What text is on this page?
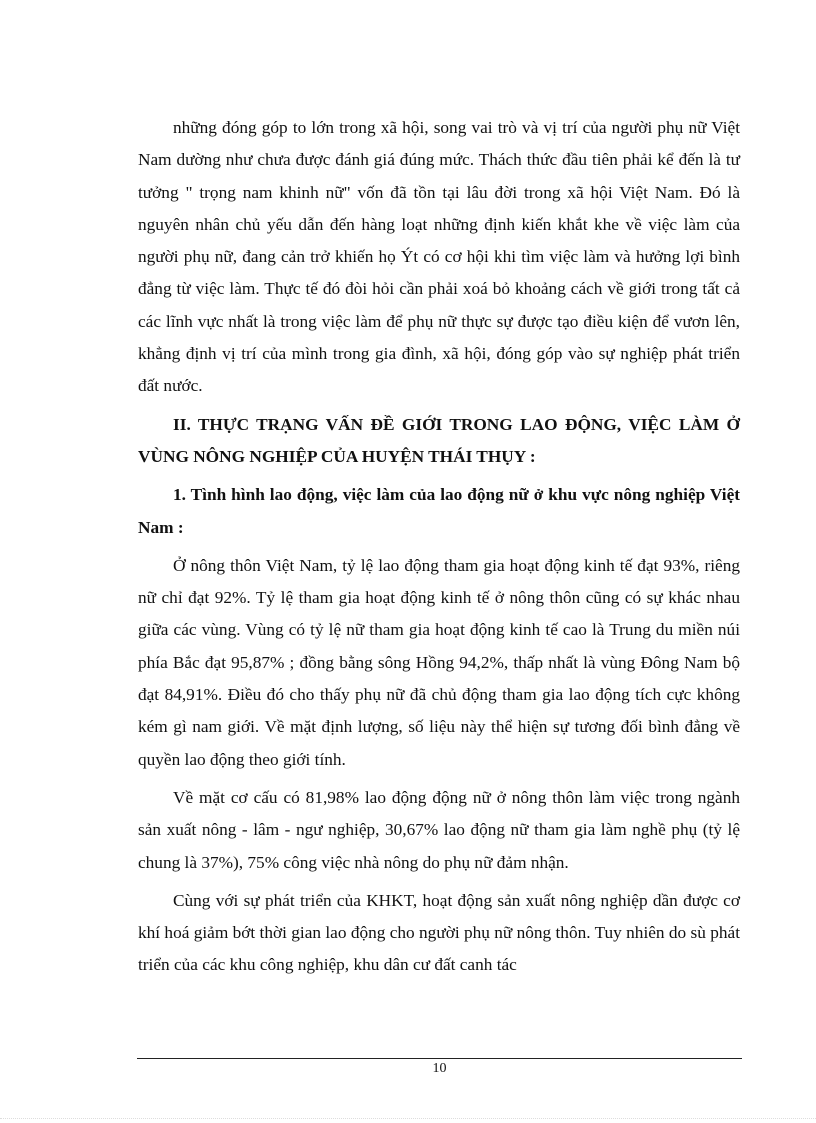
những đóng góp to lớn trong xã hội, song vai trò và vị trí của người phụ nữ Việt Nam dường như chưa được đánh giá đúng mức. Thách thức đầu tiên phải kể đến là tư tưởng " trọng nam khinh nữ" vốn đã tồn tại lâu đời trong xã hội Việt Nam. Đó là nguyên nhân chủ yếu dẫn đến hàng loạt những định kiến khắt khe về việc làm của người phụ nữ, đang cản trở khiến họ Ýt có cơ hội khi tìm việc làm và hưởng lợi bình đẳng từ việc làm. Thực tế đó đòi hỏi cần phải xoá bỏ khoảng cách về giới trong tất cả các lĩnh vực nhất là trong việc làm để phụ nữ thực sự được tạo điều kiện để vươn lên, khẳng định vị trí của mình trong gia đình, xã hội, đóng góp vào sự nghiệp phát triển đất nước.

II. THỰC TRẠNG VẤN ĐỀ GIỚI TRONG LAO ĐỘNG, VIỆC LÀM Ở VÙNG NÔNG NGHIỆP CỦA HUYỆN THÁI THỤY :

1. Tình hình lao động, việc làm của lao động nữ ở khu vực nông nghiệp Việt Nam :

Ở nông thôn Việt Nam, tỷ lệ lao động tham gia hoạt động kinh tế đạt 93%, riêng nữ chỉ đạt 92%. Tỷ lệ tham gia hoạt động kinh tế ở nông thôn cũng có sự khác nhau giữa các vùng. Vùng có tỷ lệ nữ tham gia hoạt động kinh tế cao là Trung du miền núi phía Bắc đạt 95,87% ; đồng bằng sông Hồng 94,2%, thấp nhất là vùng Đông Nam bộ đạt 84,91%. Điều đó cho thấy phụ nữ đã chủ động tham gia lao động tích cực không kém gì nam giới. Về mặt định lượng, số liệu này thể hiện sự tương đối bình đẳng về quyền lao động theo giới tính.

Về mặt cơ cấu có 81,98% lao động động nữ ở nông thôn làm việc trong ngành sản xuất nông - lâm - ngư nghiệp, 30,67% lao động nữ tham gia làm nghề phụ (tỷ lệ chung là 37%), 75% công việc nhà nông do phụ nữ đảm nhận.

Cùng với sự phát triển của KHKT, hoạt động sản xuất nông nghiệp dần được cơ khí hoá giảm bớt thời gian lao động cho người phụ nữ nông thôn. Tuy nhiên do sù phát triển của các khu công nghiệp, khu dân cư đất canh tác

10
